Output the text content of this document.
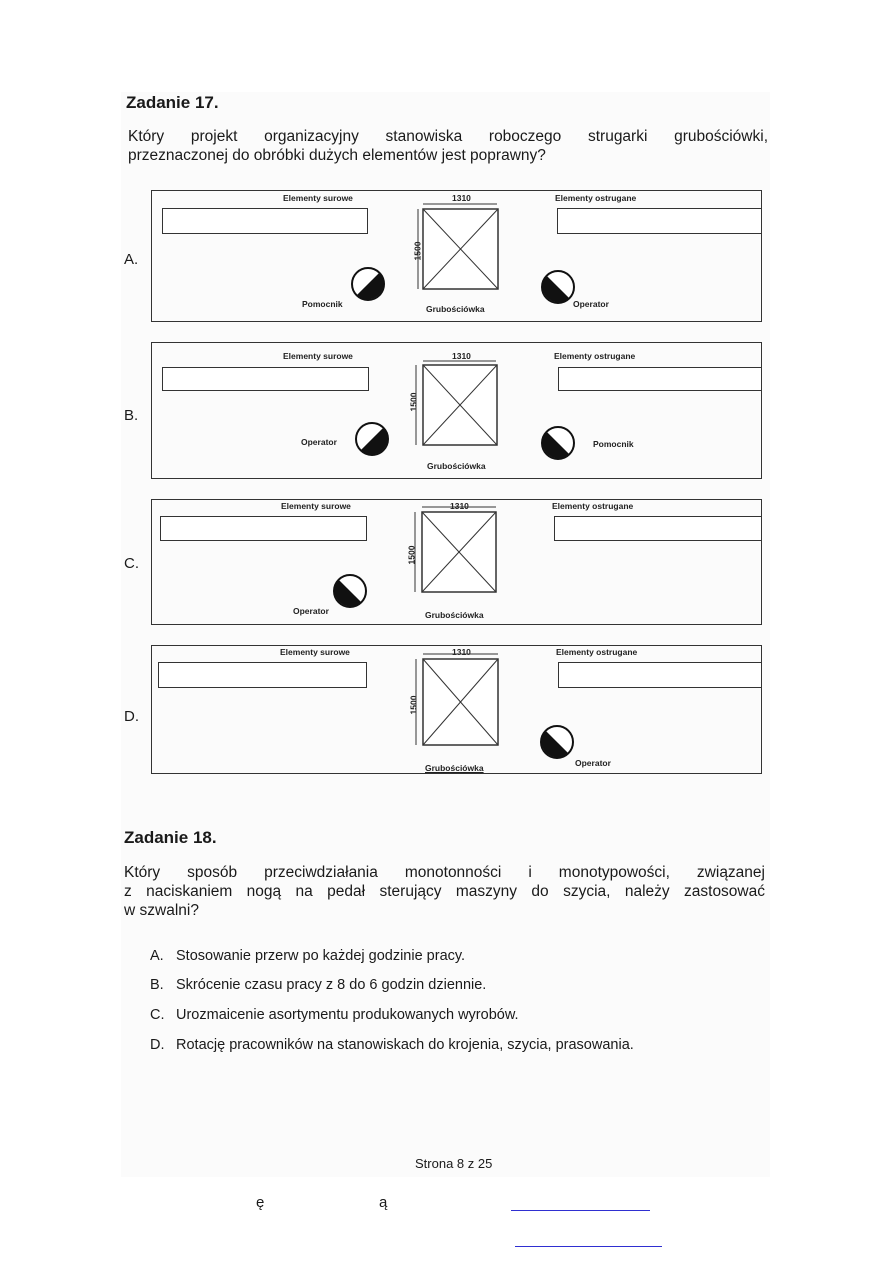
Zadanie 17.
Który projekt organizacyjny stanowiska roboczego strugarki grubościówki,
przeznaczonej do obróbki dużych elementów jest poprawny?
A.
Elementy surowe	Elementy ostrugane
1310
1500
Grubościówka
Pomocnik	Operator
B.
Elementy surowe	Elementy ostrugane
1310
1500
Grubościówka
Operator	Pomocnik
C.
Elementy surowe	Elementy ostrugane
1310
1500
Grubościówka
Operator
D.
Elementy surowe	Elementy ostrugane
1310
1500
Grubościówka	Operator
Zadanie 18.
Który sposób przeciwdziałania monotonności i monotypowości, związanej
z naciskaniem nogą na pedał sterujący maszyny do szycia, należy zastosować
w szwalni?
A. Stosowanie przerw po każdej godzinie pracy.
B. Skrócenie czasu pracy z 8 do 6 godzin dziennie.
C. Urozmaicenie asortymentu produkowanych wyrobów.
D. Rotację pracowników na stanowiskach do krojenia, szycia, prasowania.
Strona 8 z 25
ę	ą
